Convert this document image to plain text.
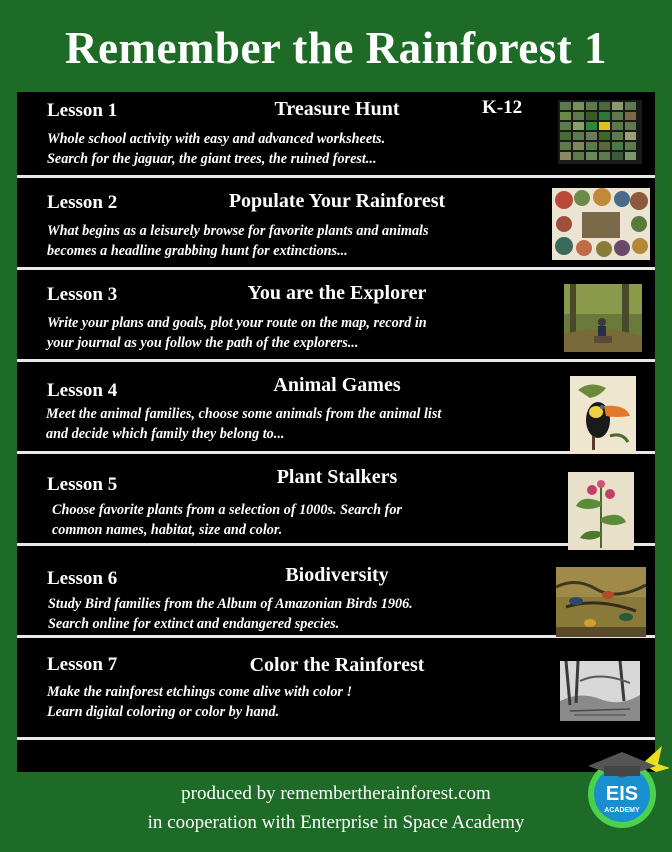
Remember the Rainforest 1
Lesson 1	Treasure Hunt	K-12
Whole school activity with easy and advanced worksheets.
Search for the jaguar, the giant trees, the ruined forest...
Lesson 2	Populate Your Rainforest
What begins as a leisurely browse for favorite plants and animals
becomes a headline grabbing hunt for extinctions...
Lesson 3	You are the Explorer
Write your plans and goals, plot your route on the map, record in
your journal as you follow the path of the explorers...
Lesson 4	Animal Games
Meet the animal families, choose some animals from the animal list
and decide which family they belong to...
Lesson 5	Plant Stalkers
Choose favorite plants from a selection of 1000s. Search for
common names, habitat, size and color.
Lesson 6	Biodiversity
Study Bird families from the Album of Amazonian Birds 1906.
Search online for extinct and endangered species.
Lesson 7	Color the Rainforest
Make the rainforest etchings come alive with color !
Learn digital coloring or color by hand.
produced by remembertherainforest.com
in cooperation with Enterprise in Space Academy
EIS
ACADEMY
